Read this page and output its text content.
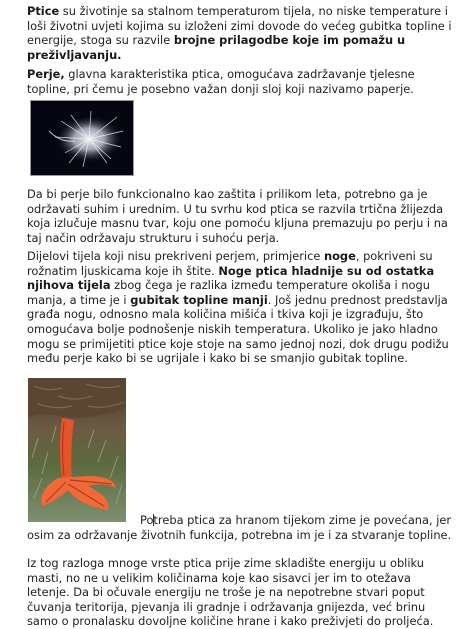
Ptice su životinje sa stalnom temperaturom tijela, no niske temperature i loši životni uvjeti kojima su izloženi zimi dovode do većeg gubitka topline i energije, stoga su razvile brojne prilagodbe koje im pomažu u preživljavanju.

Perje, glavna karakteristika ptica, omogućava zadržavanje tjelesne topline, pri čemu je posebno važan donji sloj koji nazivamo paperje.

Da bi perje bilo funkcionalno kao zaštita i prilikom leta, potrebno ga je održavati suhim i urednim. U tu svrhu kod ptica se razvila trtična žlijezda koja izlučuje masnu tvar, koju one pomoću kljuna premazuju po perju i na taj način održavaju strukturu i suhoću perja.

Dijelovi tijela koji nisu prekriveni perjem, primjerice noge, pokriveni su rožnatim ljuskicama koje ih štite. Noge ptica hladnije su od ostatka njihova tijela zbog čega je razlika između temperature okoliša i nogu manja, a time je i gubitak topline manji. Još jednu prednost predstavlja građa nogu, odnosno mala količina mišića i tkiva koji je izgrađuju, što omogućava bolje podnošenje niskih temperatura. Ukoliko je jako hladno mogu se primijetiti ptice koje stoje na samo jednoj nozi, dok drugu podižu među perje kako bi se ugrijale i kako bi se smanjio gubitak topline.

Potreba ptica za hranom tijekom zime je povećana, jer osim za održavanje životnih funkcija, potrebna im je i za stvaranje topline.

Iz tog razloga mnoge vrste ptica prije zime skladište energiju u obliku masti, no ne u velikim količinama koje kao sisavci jer im to otežava letenje. Da bi očuvale energiju ne troše je na nepotrebne stvari poput čuvanja teritorija, pjevanja ili gradnje i održavanja gnijezda, već brinu samo o pronalasku dovoljne količine hrane i kako preživjeti do proljeća.
